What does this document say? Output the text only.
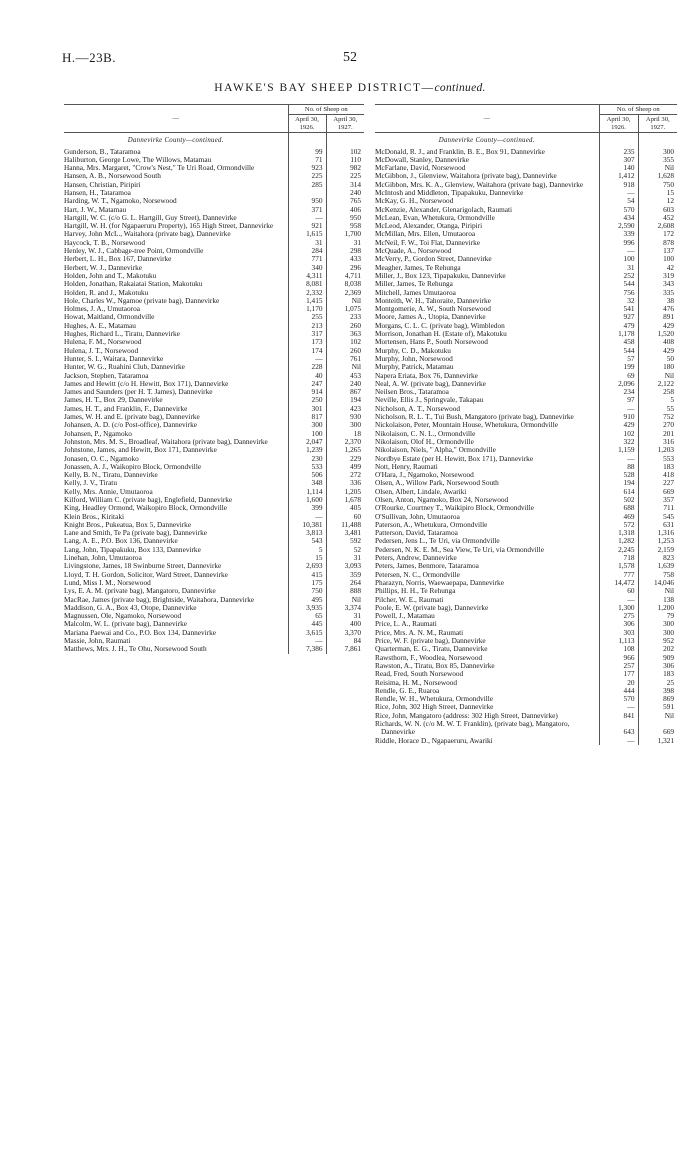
H.—23B.	52
HAWKE'S BAY SHEEP DISTRICT—continued.
—	No. of Sheep on	
	April 30, 1926.	April 30, 1927.
Dannevirke County—continued.		
Gunderson, B., Tataramoa	99	102
Haliburton, George Lowe, The Willows, Matamau	71	110
Hanna, Mrs. Margaret, "Crow's Nest," Te Uri Road, Ormondville	923	982
Hansen, A. B., Norsewood South	225	225
Hansen, Christian, Piripiri	285	314
Hansen, H., Tataramoa		240
Harding, W. T., Ngamoko, Norsewood	950	765
Hart, J. W., Matamau	371	406
Hartgill, W. C. (c/o G. L. Hartgill, Guy Street), Dannevirke	—	950
Hartgill, W. H. (for Ngapaeruru Property), 165 High Street, Dannevirke	921	958
Harvey, John McL., Waitahora (private bag), Dannevirke	1,615	1,700
Haycock, T. B., Norsewood	31	31
Henley, W. J., Cabbage-tree Point, Ormondville	284	298
Herbert, L. H., Box 167, Dannevirke	771	433
Herbert, W. J., Dannevirke	340	296
Holden, John and T., Makotuku	4,311	4,711
Holden, Jonathan, Rakaiatai Station, Makotuku	8,081	8,038
Holden, R. and J., Makotuku	2,332	2,369
Hole, Charles W., Ngamoe (private bag), Dannevirke	1,415	Nil
Holmes, J. A., Umutaoroa	1,170	1,075
Howat, Maitland, Ormondville	255	233
Hughes, A. E., Matamau	213	260
Hughes, Richard L., Tiratu, Dannevirke	317	363
Hulena, F. M., Norsewood	173	102
Hulena, J. T., Norsewood	174	260
Hunter, S. I., Waitara, Dannevirke	—	761
Hunter, W. G., Ruahini Club, Dannevirke	228	Nil
Jackson, Stephen, Tataramoa	40	453
James and Hewitt (c/o H. Hewitt, Box 171), Dannevirke	247	240
James and Saunders (per H. T. James), Dannevirke	914	867
James, H. T., Box 29, Dannevirke	250	194
James, H. T., and Franklin, F., Dannevirke	301	423
James, W. H. and E. (private bag), Dannevirke	817	930
Johansen, A. D. (c/o Post-office), Dannevirke	300	300
Johansen, P., Ngamoko	100	18
Johnston, Mrs. M. S., Broadleaf, Waitahora (private bag), Dannevirke	2,047	2,370
Johnstone, James, and Hewitt, Box 171, Dannevirke	1,239	1,265
Jonasen, O. C., Ngamoko	230	229
Jonassen, A. J., Waikopiro Block, Ormondville	533	499
Kelly, B. N., Tiratu, Dannevirke	506	272
Kelly, J. V., Tiratu	348	336
Kelly, Mrs. Annie, Umutaoroa	1,114	1,205
Kilford, William C. (private bag), Englefield, Dannevirke	1,600	1,678
King, Headley Ormond, Waikopiro Block, Ormondville	399	405
Klein Bros., Kiritaki	—	60
Knight Bros., Pukeatua, Box 5, Dannevirke	10,381	11,488
Lane and Smith, Te Pa (private bag), Dannevirke	3,813	3,481
Lang, A. E., P.O. Box 136, Dannevirke	543	592
Lang, John, Tipapakuku, Box 133, Dannevirke	5	52
Linehan, John, Umutaoroa	15	31
Livingstone, James, 18 Swinburne Street, Dannevirke	2,693	3,093
Lloyd, T. H. Gordon, Solicitor, Ward Street, Dannevirke	415	359
Lund, Miss I. M., Norsewood	175	264
Lys, E. A. M. (private bag), Mangatoro, Dannevirke	750	888
MacRae, James (private bag), Brightside, Waitahora, Dannevirke	495	Nil
Maddison, G. A., Box 43, Otope, Dannevirke	3,935	3,374
Magnussen, Ole, Ngamoko, Norsewood	65	31
Malcolm, W. L. (private bag), Dannevirke	445	400
Mariana Paewai and Co., P.O. Box 134, Dannevirke	3,615	3,370
Massie, John, Raumati	—	84
Matthews, Mrs. J. H., Te Ohu, Norsewood South	7,386	7,861
—	No. of Sheep on	
	April 30, 1926.	April 30, 1927.
Dannevirke County—continued.		
McDonald, R. J., and Franklin, B. E., Box 91, Dannevirke	235	300
McDowall, Stanley, Dannevirke	307	355
McFarlane, David, Norsewood	140	Nil
McGibbon, J., Glenview, Waitahora (private bag), Dannevirke	1,412	1,628
McGibbon, Mrs. K. A., Glenview, Waitahora (private bag), Dannevirke	918	750
McIntosh and Middleton, Tipapakuku, Dannevirke	—	15
McKay, G. H., Norsewood	54	12
McKenzie, Alexander, Glenarigolach, Raumati	570	603
McLean, Evan, Whetukura, Ormondville	434	452
McLeod, Alexander, Otanga, Piripiri	2,590	2,608
McMillan, Mrs. Ellen, Umutaoroa	339	172
McNeil, F. W., Toi Flat, Dannevirke	996	878
McQuade, A., Norsewood	—	137
McVerry, P., Gordon Street, Dannevirke	100	100
Meagher, James, Te Rehunga	31	42
Miller, J., Box 123, Tipapakuku, Dannevirke	252	319
Miller, James, Te Rehunga	544	343
Mitchell, James Umutaoroa	756	335
Monteith, W. H., Tahoraite, Dannevirke	32	38
Montgomerie, A. W., South Norsewood	541	476
Moore, James A., Utopia, Dannevirke	927	891
Morgans, C. L. C. (private bag), Wimbledon	479	429
Morrison, Jonathan H. (Estate of), Makotuku	1,178	1,520
Mortensen, Hans P., South Norsewood	458	408
Murphy, C. D., Makotuku	544	429
Murphy, John, Norsewood	57	50
Murphy, Patrick, Matamau	199	180
Napera Eriata, Box 76, Dannevirke	69	Nil
Neal, A. W. (private bag), Dannevirke	2,096	2,122
Neilsen Bros., Tataramoa	234	258
Neville, Ellis J., Springvale, Takapau	97	5
Nicholson, A. T., Norsewood	—	55
Nicholson, R. L. T., Tui Bush, Mangatoro (private bag), Dannevirke	910	752
Nickolaison, Peter, Mountain House, Whetukura, Ormondville	429	270
Nikolaison, C. N. L., Ormondville	102	201
Nikolaison, Olof H., Ormondville	322	316
Nikolaison, Niels, " Alpha," Ormondville	1,159	1,203
Nordbye Estate (per H. Hewitt, Box 171), Dannevirke	—	553
Nott, Henry, Raumati	88	183
O'Hara, J., Ngamoko, Norsewood	528	418
Olsen, A., Willow Park, Norsewood South	194	227
Olsen, Albert, Lindale, Awariki	614	669
Olsen, Anton, Ngamoko, Box 24, Norsewood	502	357
O'Rourke, Courtney T., Waikipiro Block, Ormondville	688	711
O'Sullivan, John, Umutaoroa	469	545
Paterson, A., Whetukura, Ormondville	572	631
Patterson, David, Tataramoa	1,318	1,316
Pedersen, Jens L., Te Uri, via Ormondville	1,282	1,253
Pedersen, N. K. E. M., Sea View, Te Uri, via Ormondville	2,245	2,159
Peters, Andrew, Dannevirke	718	823
Peters, James, Benmore, Tataramoa	1,578	1,639
Petersen, N. C., Ormondville	777	758
Pharazyn, Norris, Waewaepapa, Dannevirke	14,472	14,046
Phillips, H. H., Te Rehunga	60	Nil
Pilcher, W. E., Raumati	—	138
Poole, E. W. (private bag), Dannevirke	1,300	1,200
Powell, J., Matamau	275	79
Price, L. A., Raumati	306	300
Price, Mrs. A. N. M., Raumati	303	300
Price, W. F. (private bag), Dannevirke	1,113	952
Quarterman, E. G., Tiratu, Dannevirke	108	202
Rawsthorn, F., Woodlea, Norsewood	966	909
Rawston, A., Tiratu, Box 85, Dannevirke	257	306
Read, Fred, South Norsewood	177	183
Reisima, H. M., Norsewood	20	25
Rendle, G. E., Ruaroa	444	398
Rendle, W. H., Whetukura, Ormondville	570	869
Rice, John, 302 High Street, Dannevirke	—	591
Rice, John, Mangatoro (address: 302 High Street, Dannevirke)	841	Nil
Richards, W. N. (c/o M. W. T. Franklin), (private bag), Mangatoro, Dannevirke	643	669
Riddle, Horace D., Ngapaeruru, Awariki	—	1,321
